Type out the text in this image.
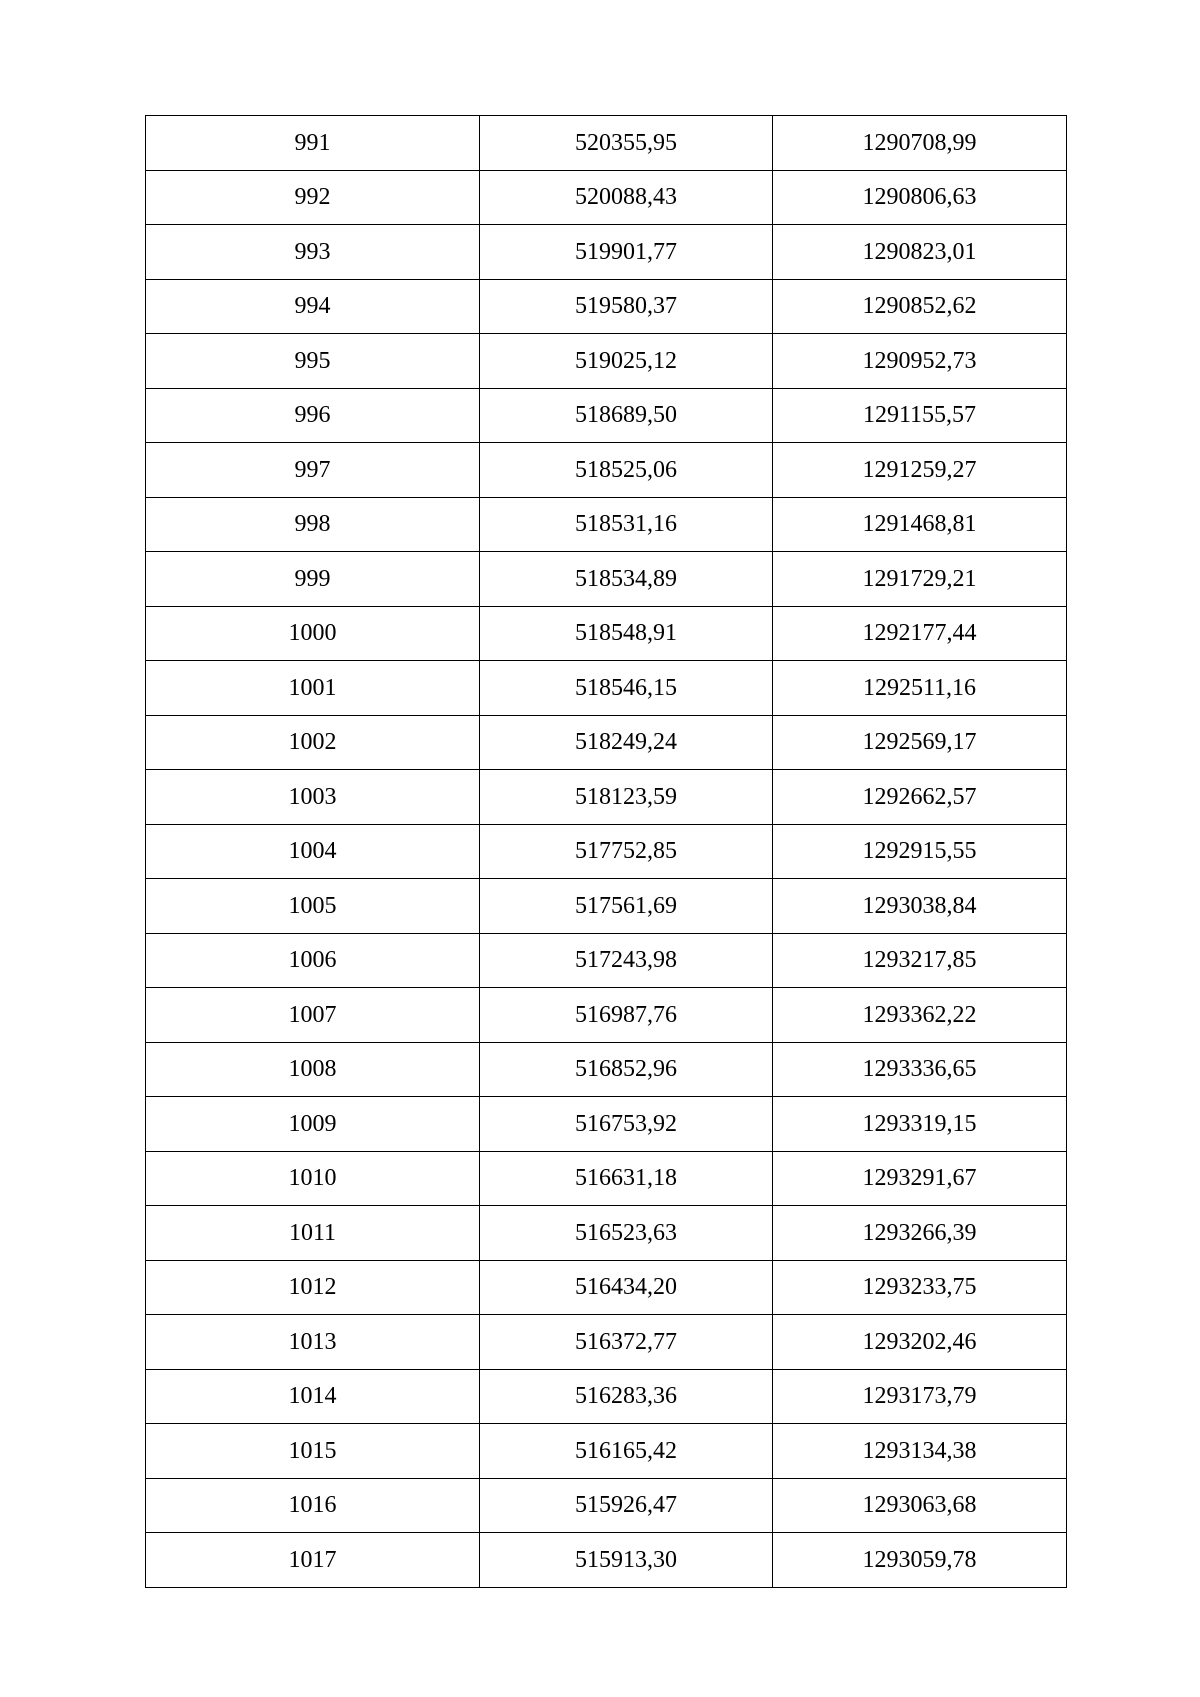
991	520355,95	1290708,99
992	520088,43	1290806,63
993	519901,77	1290823,01
994	519580,37	1290852,62
995	519025,12	1290952,73
996	518689,50	1291155,57
997	518525,06	1291259,27
998	518531,16	1291468,81
999	518534,89	1291729,21
1000	518548,91	1292177,44
1001	518546,15	1292511,16
1002	518249,24	1292569,17
1003	518123,59	1292662,57
1004	517752,85	1292915,55
1005	517561,69	1293038,84
1006	517243,98	1293217,85
1007	516987,76	1293362,22
1008	516852,96	1293336,65
1009	516753,92	1293319,15
1010	516631,18	1293291,67
1011	516523,63	1293266,39
1012	516434,20	1293233,75
1013	516372,77	1293202,46
1014	516283,36	1293173,79
1015	516165,42	1293134,38
1016	515926,47	1293063,68
1017	515913,30	1293059,78
